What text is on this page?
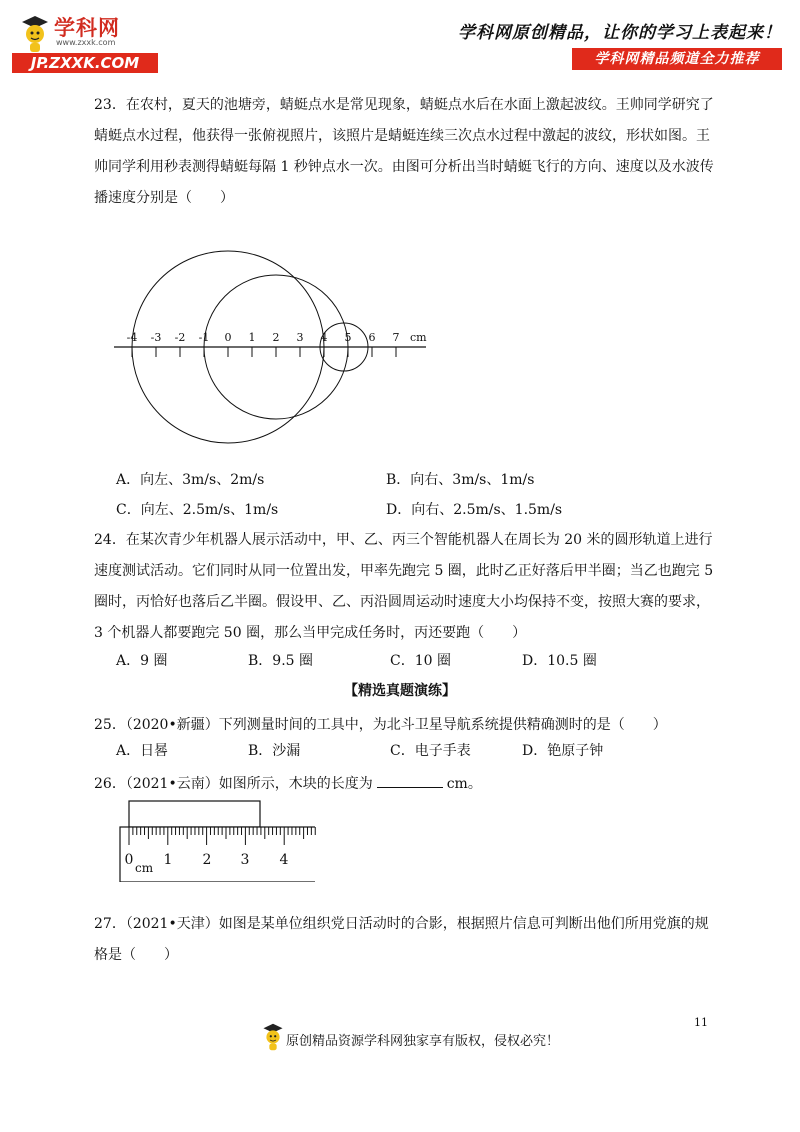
学科网
www.zxxk.com
JP.ZXXK.COM
学科网原创精品，让你的学习上表起来！
学科网精品频道全力推荐
23．在农村，夏天的池塘旁，蜻蜓点水是常见现象，蜻蜓点水后在水面上激起波纹。王帅同学研究了蜻蜓点水过程，他获得一张俯视照片，该照片是蜻蜓连续三次点水过程中激起的波纹，形状如图。王帅同学利用秒表测得蜻蜓每隔 1 秒钟点水一次。由图可分析出当时蜻蜓飞行的方向、速度以及水波传播速度分别是（　　）
-4 -3 -2 -1 0 1 2 3 4 5 6 7 cm
A．向左、3m/s、2m/s	B．向右、3m/s、1m/s
C．向左、2.5m/s、1m/s	D．向右、2.5m/s、1.5m/s
24．在某次青少年机器人展示活动中，甲、乙、丙三个智能机器人在周长为 20 米的圆形轨道上进行速度测试活动。它们同时从同一位置出发，甲率先跑完 5 圈，此时乙正好落后甲半圈；当乙也跑完 5 圈时，丙恰好也落后乙半圈。假设甲、乙、丙沿圆周运动时速度大小均保持不变，按照大赛的要求，3 个机器人都要跑完 50 圈，那么当甲完成任务时，丙还要跑（　　）
A．9 圈	B．9.5 圈	C．10 圈	D．10.5 圈
【精选真题演练】
25．（2020•新疆）下列测量时间的工具中，为北斗卫星导航系统提供精确测时的是（　　）
A．日晷	B．沙漏	C．电子手表	D．铯原子钟
26．（2021•云南）如图所示，木块的长度为	cm。
0 1 2 3 4
cm
27．（2021•天津）如图是某单位组织党日活动时的合影，根据照片信息可判断出他们所用党旗的规格是（　　）
11
原创精品资源学科网独家享有版权，侵权必究！
